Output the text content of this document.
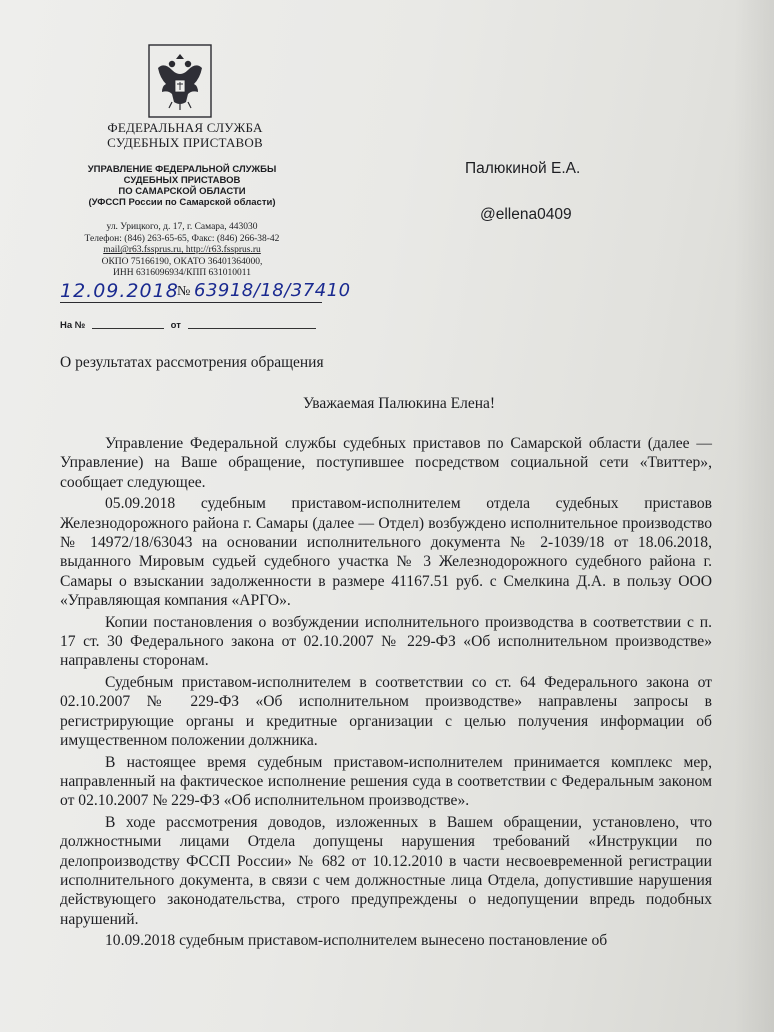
ФЕДЕРАЛЬНАЯ СЛУЖБА
СУДЕБНЫХ ПРИСТАВОВ
УПРАВЛЕНИЕ ФЕДЕРАЛЬНОЙ СЛУЖБЫ
СУДЕБНЫХ ПРИСТАВОВ
ПО САМАРСКОЙ ОБЛАСТИ
(УФССП России по Самарской области)
ул. Урицкого, д. 17, г. Самара, 443030
Телефон: (846) 263-65-65, Факс: (846) 266-38-42
mail@r63.fssprus.ru, http://r63.fssprus.ru
ОКПО 75166190, ОКАТО 36401364000,
ИНН 6316096934/КПП 631010011
12.09.2018
№ 63918/18/37410
На №	от
Палюкиной Е.А.
@ellena0409
О результатах рассмотрения обращения
Уважаемая Палюкина Елена!

Управление Федеральной службы судебных приставов по Самарской области (далее — Управление) на Ваше обращение, поступившее посредством социальной сети «Твиттер», сообщает следующее.

05.09.2018 судебным приставом-исполнителем отдела судебных приставов Железнодорожного района г. Самары (далее — Отдел) возбуждено исполнительное производство № 14972/18/63043 на основании исполнительного документа № 2-1039/18 от 18.06.2018, выданного Мировым судьей судебного участка № 3 Железнодорожного судебного района г. Самары о взыскании задолженности в размере 41167.51 руб. с Смелкина Д.А. в пользу ООО «Управляющая компания «АРГО».

Копии постановления о возбуждении исполнительного производства в соответствии с п. 17 ст. 30 Федерального закона от 02.10.2007 № 229-ФЗ «Об исполнительном производстве» направлены сторонам.

Судебным приставом-исполнителем в соответствии со ст. 64 Федерального закона от 02.10.2007 № 229-ФЗ «Об исполнительном производстве» направлены запросы в регистрирующие органы и кредитные организации с целью получения информации об имущественном положении должника.

В настоящее время судебным приставом-исполнителем принимается комплекс мер, направленный на фактическое исполнение решения суда в соответствии с Федеральным законом от 02.10.2007 № 229-ФЗ «Об исполнительном производстве».

В ходе рассмотрения доводов, изложенных в Вашем обращении, установлено, что должностными лицами Отдела допущены нарушения требований «Инструкции по делопроизводству ФССП России» № 682 от 10.12.2010 в части несвоевременной регистрации исполнительного документа, в связи с чем должностные лица Отдела, допустившие нарушения действующего законодательства, строго предупреждены о недопущении впредь подобных нарушений.

10.09.2018 судебным приставом-исполнителем вынесено постановление об
